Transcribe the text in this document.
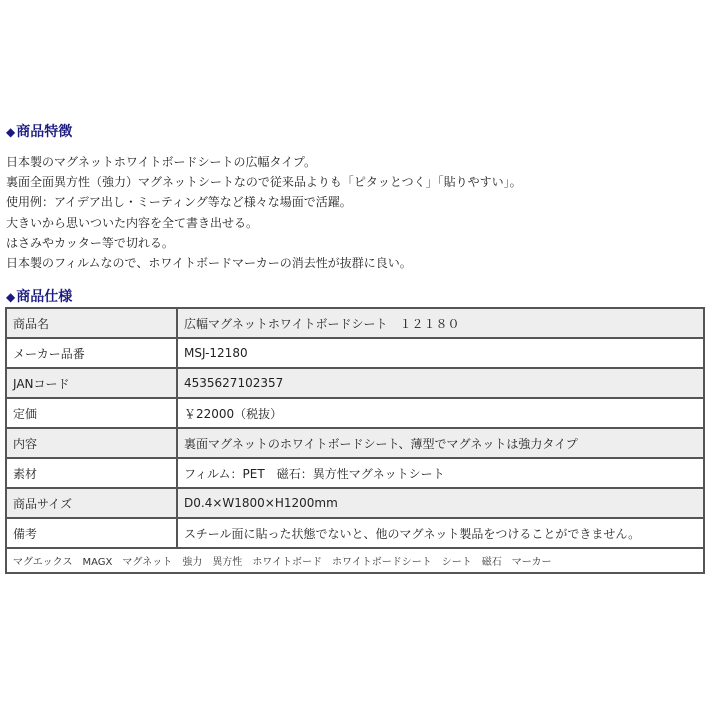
◆商品特徴
日本製のマグネットホワイトボードシートの広幅タイプ。
裏面全面異方性（強力）マグネットシートなので従来品よりも「ピタッとつく」「貼りやすい」。
使用例：アイデア出し・ミーティング等など様々な場面で活躍。
大きいから思いついた内容を全て書き出せる。
はさみやカッター等で切れる。
日本製のフィルムなので、ホワイトボードマーカーの消去性が抜群に良い。
◆商品仕様
商品名	広幅マグネットホワイトボードシート　１２１８０
メーカー品番	MSJ-12180
JANコード	4535627102357
定価	￥22000（税抜）
内容	裏面マグネットのホワイトボードシート、薄型でマグネットは強力タイプ
素材	フィルム：PET　磁石：異方性マグネットシート
商品サイズ	D0.4×W1800×H1200mm
備考	スチール面に貼った状態でないと、他のマグネット製品をつけることができません。
マグエックス MAGX マグネット 強力 異方性 ホワイトボード ホワイトボードシート シート 磁石 マーカー	
